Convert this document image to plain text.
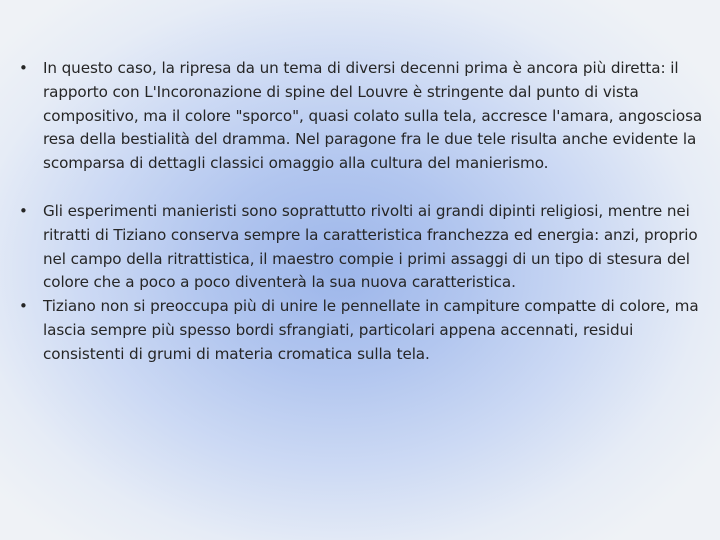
•	In questo caso, la ripresa da un tema di diversi decenni prima è ancora più diretta: il rapporto con L'Incoronazione di spine del Louvre è stringente dal punto di vista compositivo, ma il colore "sporco", quasi colato sulla tela, accresce l'amara, angosciosa resa della bestialità del dramma. Nel paragone fra le due tele risulta anche evidente la scomparsa di dettagli classici omaggio alla cultura del manierismo.
•	Gli esperimenti manieristi sono soprattutto rivolti ai grandi dipinti religiosi, mentre nei ritratti di Tiziano conserva sempre la caratteristica franchezza ed energia: anzi, proprio nel campo della ritrattistica, il maestro compie i primi assaggi di un tipo di stesura del colore che a poco a poco diventerà la sua nuova caratteristica.
•	Tiziano non si preoccupa più di unire le pennellate in campiture compatte di colore, ma lascia sempre più spesso bordi sfrangiati, particolari appena accennati, residui consistenti di grumi di materia cromatica sulla tela.
